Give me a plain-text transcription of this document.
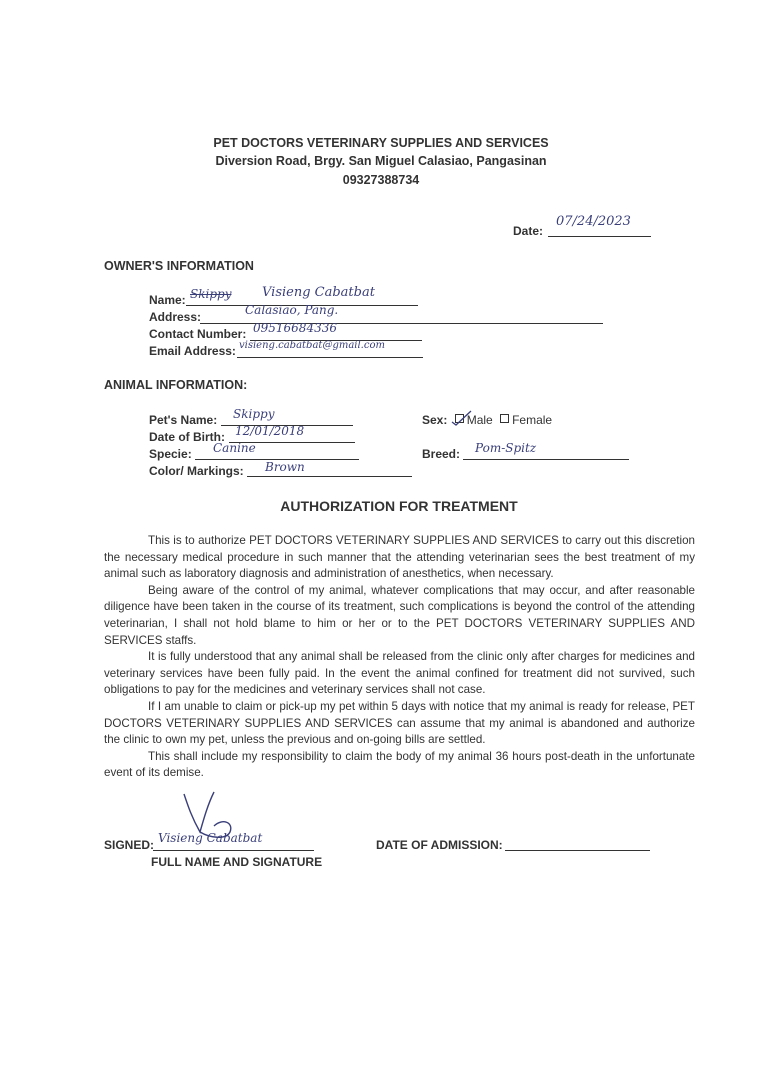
PET DOCTORS VETERINARY SUPPLIES AND SERVICES
Diversion Road, Brgy. San Miguel Calasiao, Pangasinan
09327388734
Date:
07/24/2023
OWNER'S INFORMATION
Name: Skippy Visieng Cabatbat
Address:	Calasiao, Pang.
Contact Number: 09516684336
Email Address: visieng.cabatbat@gmail.com
ANIMAL INFORMATION:
Pet's Name: Skippy
Date of Birth: 12/01/2018
Specie: Canine
Color/ Markings: Brown
Sex: Male Female
Breed: Pom-Spitz
AUTHORIZATION FOR TREATMENT

This is to authorize PET DOCTORS VETERINARY SUPPLIES AND SERVICES to carry out this discretion the necessary medical procedure in such manner that the attending veterinarian sees the best treatment of my animal such as laboratory diagnosis and administration of anesthetics, when necessary.

Being aware of the control of my animal, whatever complications that may occur, and after reasonable diligence have been taken in the course of its treatment, such complications is beyond the control of the attending veterinarian, I shall not hold blame to him or her or to the PET DOCTORS VETERINARY SUPPLIES AND SERVICES staffs.

It is fully understood that any animal shall be released from the clinic only after charges for medicines and veterinary services have been fully paid. In the event the animal confined for treatment did not survived, such obligations to pay for the medicines and veterinary services shall not case.

If I am unable to claim or pick-up my pet within 5 days with notice that my animal is ready for release, PET DOCTORS VETERINARY SUPPLIES AND SERVICES can assume that my animal is abandoned and authorize the clinic to own my pet, unless the previous and on-going bills are settled.

This shall include my responsibility to claim the body of my animal 36 hours post-death in the unfortunate event of its demise.

SIGNED: Visieng Cabatbat
FULL NAME AND SIGNATURE
DATE OF ADMISSION:
